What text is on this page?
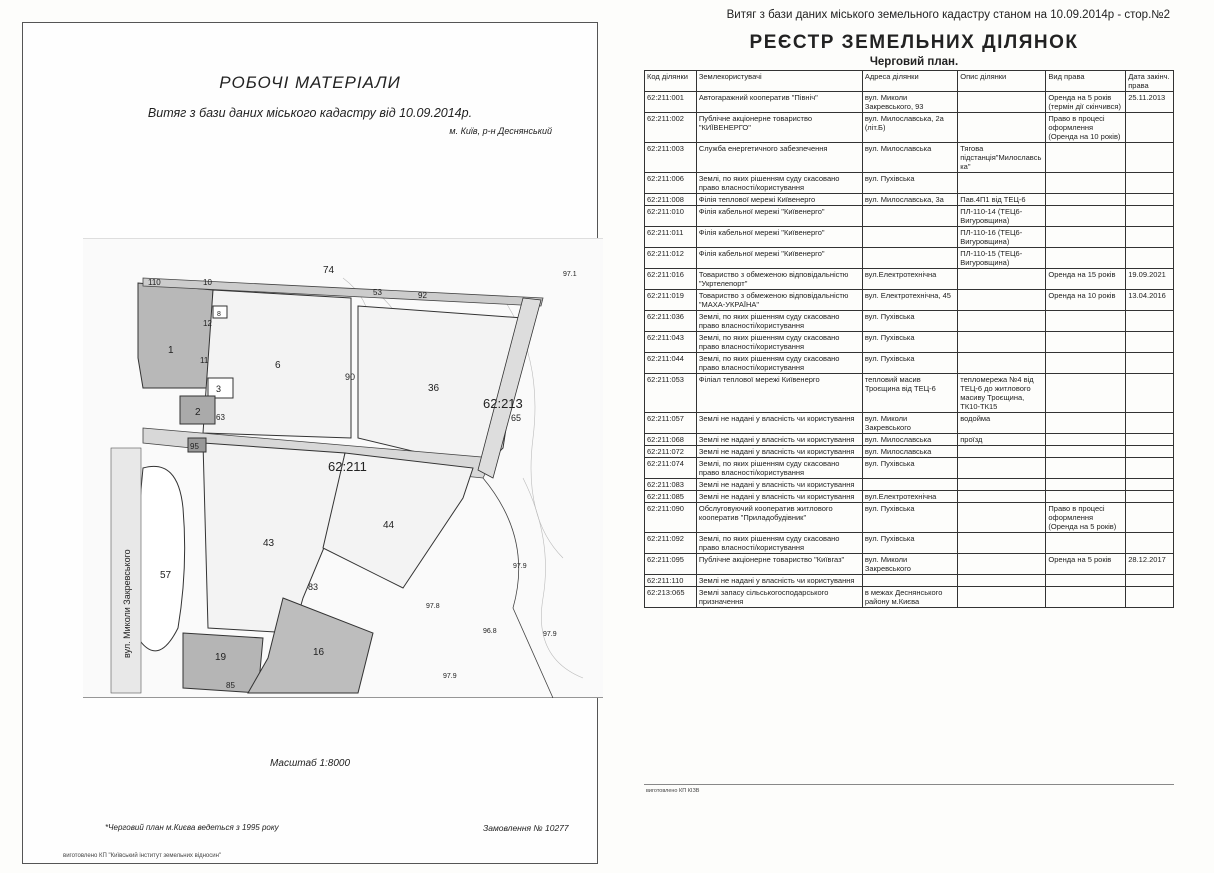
РОБОЧІ МАТЕРІАЛИ
Витяг з бази даних міського кадастру від 10.09.2014р.
м. Київ, р-н Деснянський
74
110	10
53	92
8
12
1
11	6
90
36
3
2 63	65
62:213
95
62:211
44
43
57
83
19	16
85
97.1
97.9
97.8
96.8	97.9
97.9
вул. Миколи Закревського
Масштаб 1:8000
*Черговий план м.Києва ведеться з 1995 року	Замовлення № 10277
виготовлено КП "Київський інститут земельних відносин"
Витяг з бази даних міського земельного кадастру станом на 10.09.2014р - стор.№2
РЕЄСТР ЗЕМЕЛЬНИХ ДІЛЯНОК
Черговий план.
Код ділянки	Землекористувачі	Адреса ділянки	Опис ділянки	Вид права	Дата закінч. права
62:211:001	Автогаражний кооператив "Північ"	вул. Миколи Закревського, 93		Оренда на 5 років (термін дії скінчився)	25.11.2013
62:211:002	Публічне акціонерне товариство "КИЇВЕНЕРГО"	вул. Милославська, 2а (літ.Б)		Право в процесі оформлення (Оренда на 10 років)	
62:211:003	Служба енергетичного забезпечення	вул. Милославська	Тягова підстанція"Милославська"		
62:211:006	Землі, по яких рішенням суду скасовано право власності/користування	вул. Пухівська			
62:211:008	Філія теплової мережі Київенерго	вул. Милославська, 3а	Пав.4П1 від ТЕЦ-6		
62:211:010	Філія кабельної мережі "Київенерго"		ПЛ-110-14 (ТЕЦ6-Вигуровщина)		
62:211:011	Філія кабельної мережі "Київенерго"		ПЛ-110-16 (ТЕЦ6-Вигуровщина)		
62:211:012	Філія кабельної мережі "Київенерго"		ПЛ-110-15 (ТЕЦ6-Вигуровщина)		
62:211:016	Товариство з обмеженою відповідальністю "Укртелепорт"	вул.Електротехнічна		Оренда на 15 років	19.09.2021
62:211:019	Товариство з обмеженою відповідальністю "МАХА-УКРАЇНА"	вул. Електротехнічна, 45		Оренда на 10 років	13.04.2016
62:211:036	Землі, по яких рішенням суду скасовано право власності/користування	вул. Пухівська			
62:211:043	Землі, по яких рішенням суду скасовано право власності/користування	вул. Пухівська			
62:211:044	Землі, по яких рішенням суду скасовано право власності/користування	вул. Пухівська			
62:211:053	Філіал теплової мережі Київенерго	тепловий масив Троєщина від ТЕЦ-6	тепломережа №4 від ТЕЦ-6 до житлового масиву Троєщина, ТК10-ТК15		
62:211:057	Землі не надані у власність чи користування	вул. Миколи Закревського	водойма		
62:211:068	Землі не надані у власність чи користування	вул. Милославська	проїзд		
62:211:072	Землі не надані у власність чи користування	вул. Милославська			
62:211:074	Землі, по яких рішенням суду скасовано право власності/користування	вул. Пухівська			
62:211:083	Землі не надані у власність чи користування				
62:211:085	Землі не надані у власність чи користування	вул.Електротехнічна			
62:211:090	Обслуговуючий кооператив житлового кооператив "Приладобудівник"	вул. Пухівська		Право в процесі оформлення (Оренда на 5 років)	
62:211:092	Землі, по яких рішенням суду скасовано право власності/користування	вул. Пухівська			
62:211:095	Публічне акціонерне товариство "Київгаз"	вул. Миколи Закревського		Оренда на 5 років	28.12.2017
62:211:110	Землі не надані у власність чи користування				
62:213:065	Землі запасу сільськогосподарського призначення	в межах Деснянського району м.Києва			
виготовлено КП КІЗВ
